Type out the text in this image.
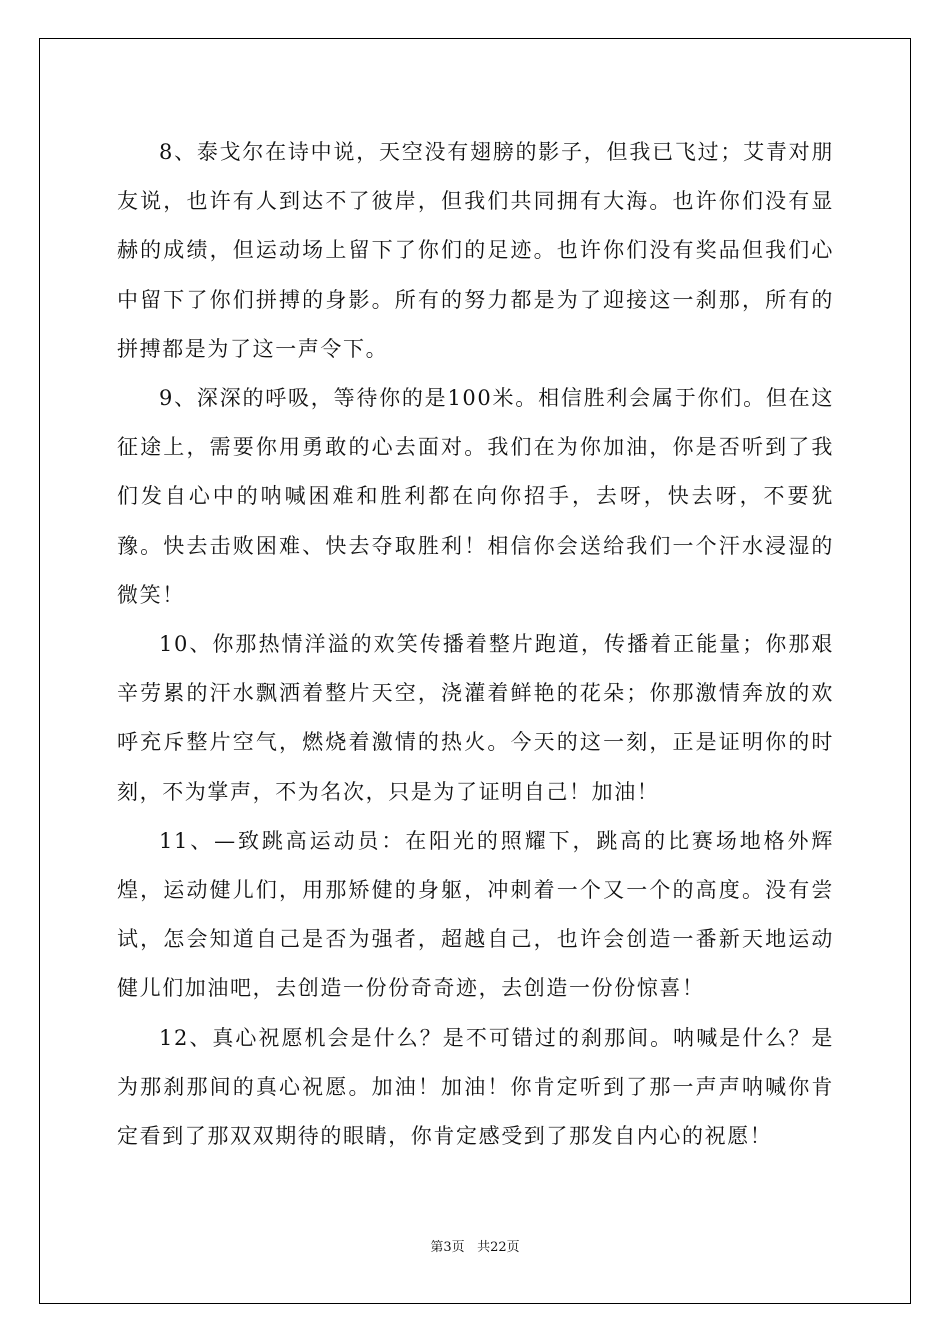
8、泰戈尔在诗中说，天空没有翅膀的影子，但我已飞过；艾青对朋友说，也许有人到达不了彼岸，但我们共同拥有大海。也许你们没有显赫的成绩，但运动场上留下了你们的足迹。也许你们没有奖品但我们心中留下了你们拼搏的身影。所有的努力都是为了迎接这一刹那，所有的拼搏都是为了这一声令下。

9、深深的呼吸，等待你的是100米。相信胜利会属于你们。但在这征途上，需要你用勇敢的心去面对。我们在为你加油，你是否听到了我们发自心中的呐喊困难和胜利都在向你招手，去呀，快去呀，不要犹豫。快去击败困难、快去夺取胜利！相信你会送给我们一个汗水浸湿的微笑！

10、你那热情洋溢的欢笑传播着整片跑道，传播着正能量；你那艰辛劳累的汗水飘洒着整片天空，浇灌着鲜艳的花朵；你那激情奔放的欢呼充斥整片空气，燃烧着激情的热火。今天的这一刻，正是证明你的时刻，不为掌声，不为名次，只是为了证明自己！加油！

11、—致跳高运动员：在阳光的照耀下，跳高的比赛场地格外辉煌，运动健儿们，用那矫健的身躯，冲刺着一个又一个的高度。没有尝试，怎会知道自己是否为强者，超越自己，也许会创造一番新天地运动健儿们加油吧，去创造一份份奇奇迹，去创造一份份惊喜！

12、真心祝愿机会是什么？是不可错过的刹那间。呐喊是什么？是为那刹那间的真心祝愿。加油！加油！你肯定听到了那一声声呐喊你肯定看到了那双双期待的眼睛，你肯定感受到了那发自内心的祝愿！

第3页 共22页
